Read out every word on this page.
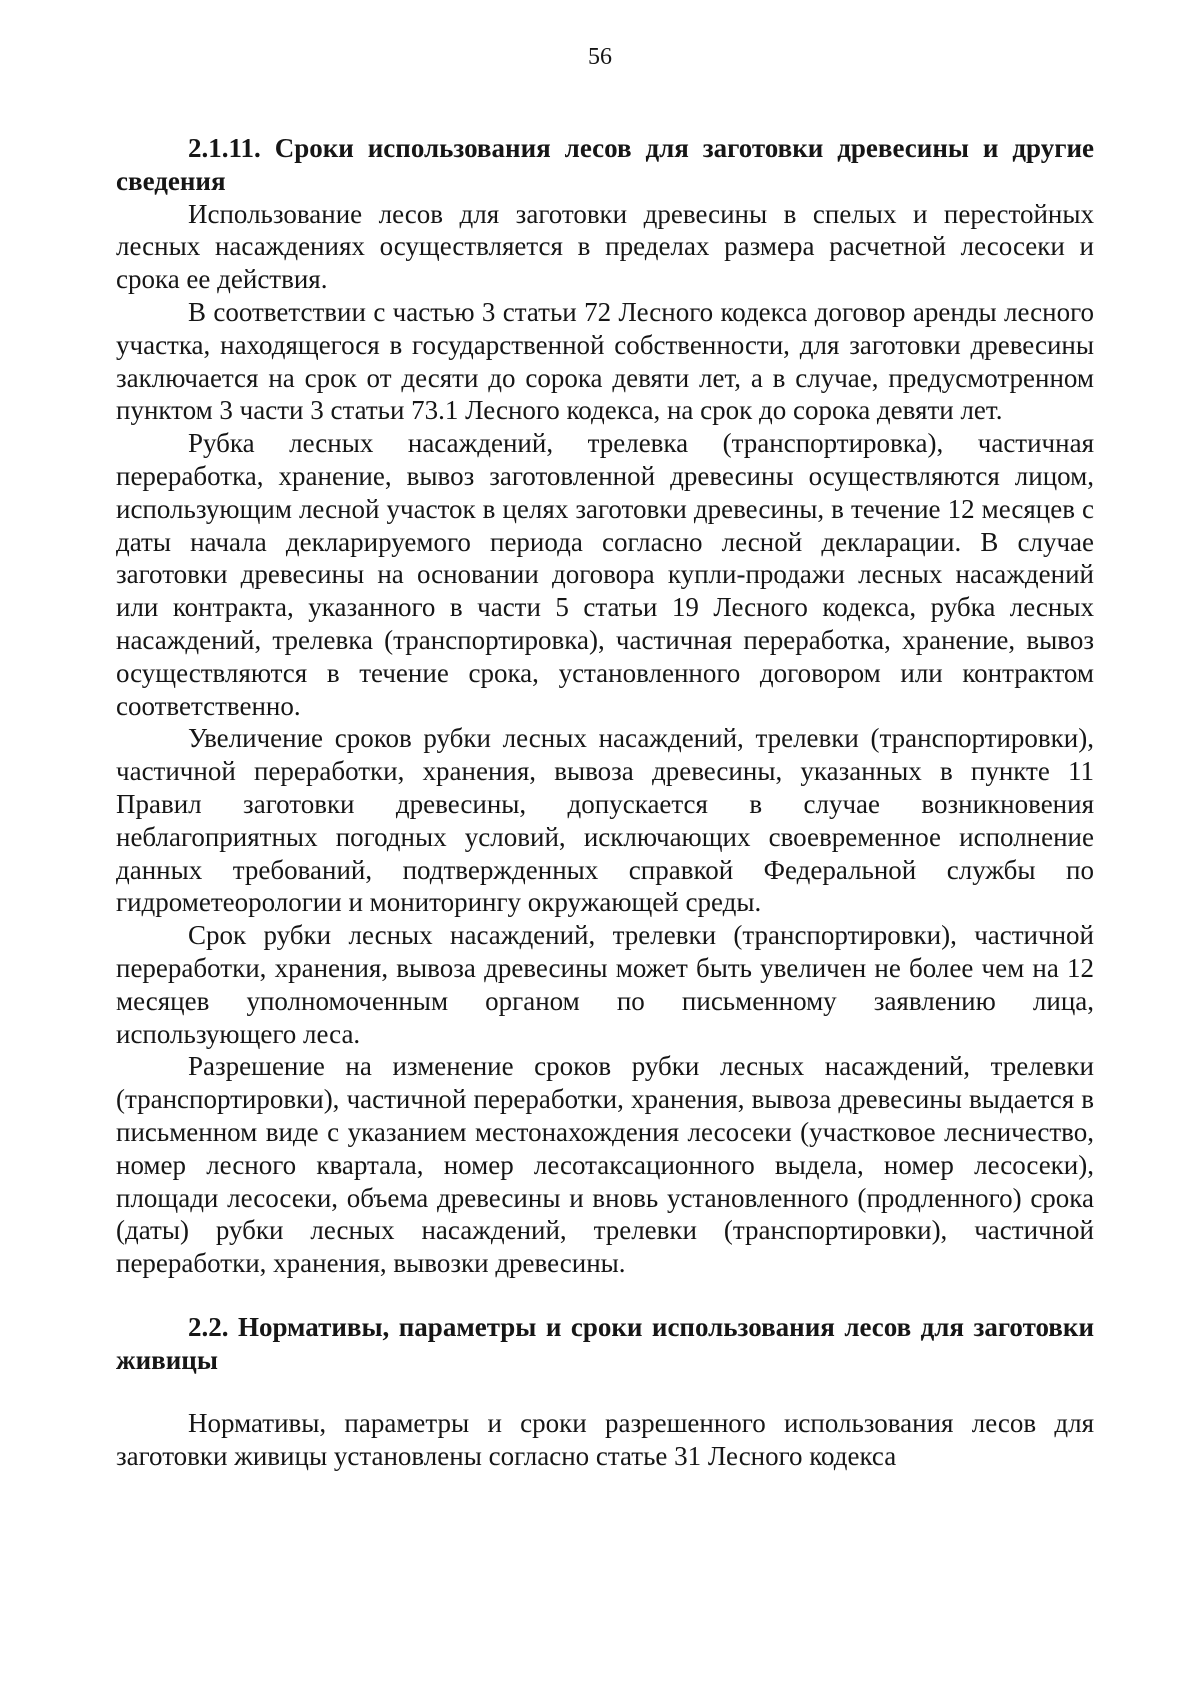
56

2.1.11. Сроки использования лесов для заготовки древесины и другие сведения

Использование лесов для заготовки древесины в спелых и перестойных лесных насаждениях осуществляется в пределах размера расчетной лесосеки и срока ее действия.

В соответствии с частью 3 статьи 72 Лесного кодекса договор аренды лесного участка, находящегося в государственной собственности, для заготовки древесины заключается на срок от десяти до сорока девяти лет, а в случае, предусмотренном пунктом 3 части 3 статьи 73.1 Лесного кодекса, на срок до сорока девяти лет.

Рубка лесных насаждений, трелевка (транспортировка), частичная переработка, хранение, вывоз заготовленной древесины осуществляются лицом, использующим лесной участок в целях заготовки древесины, в течение 12 месяцев с даты начала декларируемого периода согласно лесной декларации. В случае заготовки древесины на основании договора купли-продажи лесных насаждений или контракта, указанного в части 5 статьи 19 Лесного кодекса, рубка лесных насаждений, трелевка (транспортировка), частичная переработка, хранение, вывоз осуществляются в течение срока, установленного договором или контрактом соответственно.

Увеличение сроков рубки лесных насаждений, трелевки (транспортировки), частичной переработки, хранения, вывоза древесины, указанных в пункте 11 Правил заготовки древесины, допускается в случае возникновения неблагоприятных погодных условий, исключающих своевременное исполнение данных требований, подтвержденных справкой Федеральной службы по гидрометеорологии и мониторингу окружающей среды.

Срок рубки лесных насаждений, трелевки (транспортировки), частичной переработки, хранения, вывоза древесины может быть увеличен не более чем на 12 месяцев уполномоченным органом по письменному заявлению лица, использующего леса.

Разрешение на изменение сроков рубки лесных насаждений, трелевки (транспортировки), частичной переработки, хранения, вывоза древесины выдается в письменном виде с указанием местонахождения лесосеки (участковое лесничество, номер лесного квартала, номер лесотаксационного выдела, номер лесосеки), площади лесосеки, объема древесины и вновь установленного (продленного) срока (даты) рубки лесных насаждений, трелевки (транспортировки), частичной переработки, хранения, вывозки древесины.

2.2. Нормативы, параметры и сроки использования лесов для заготовки живицы

Нормативы, параметры и сроки разрешенного использования лесов для заготовки живицы установлены согласно статье 31 Лесного кодекса
